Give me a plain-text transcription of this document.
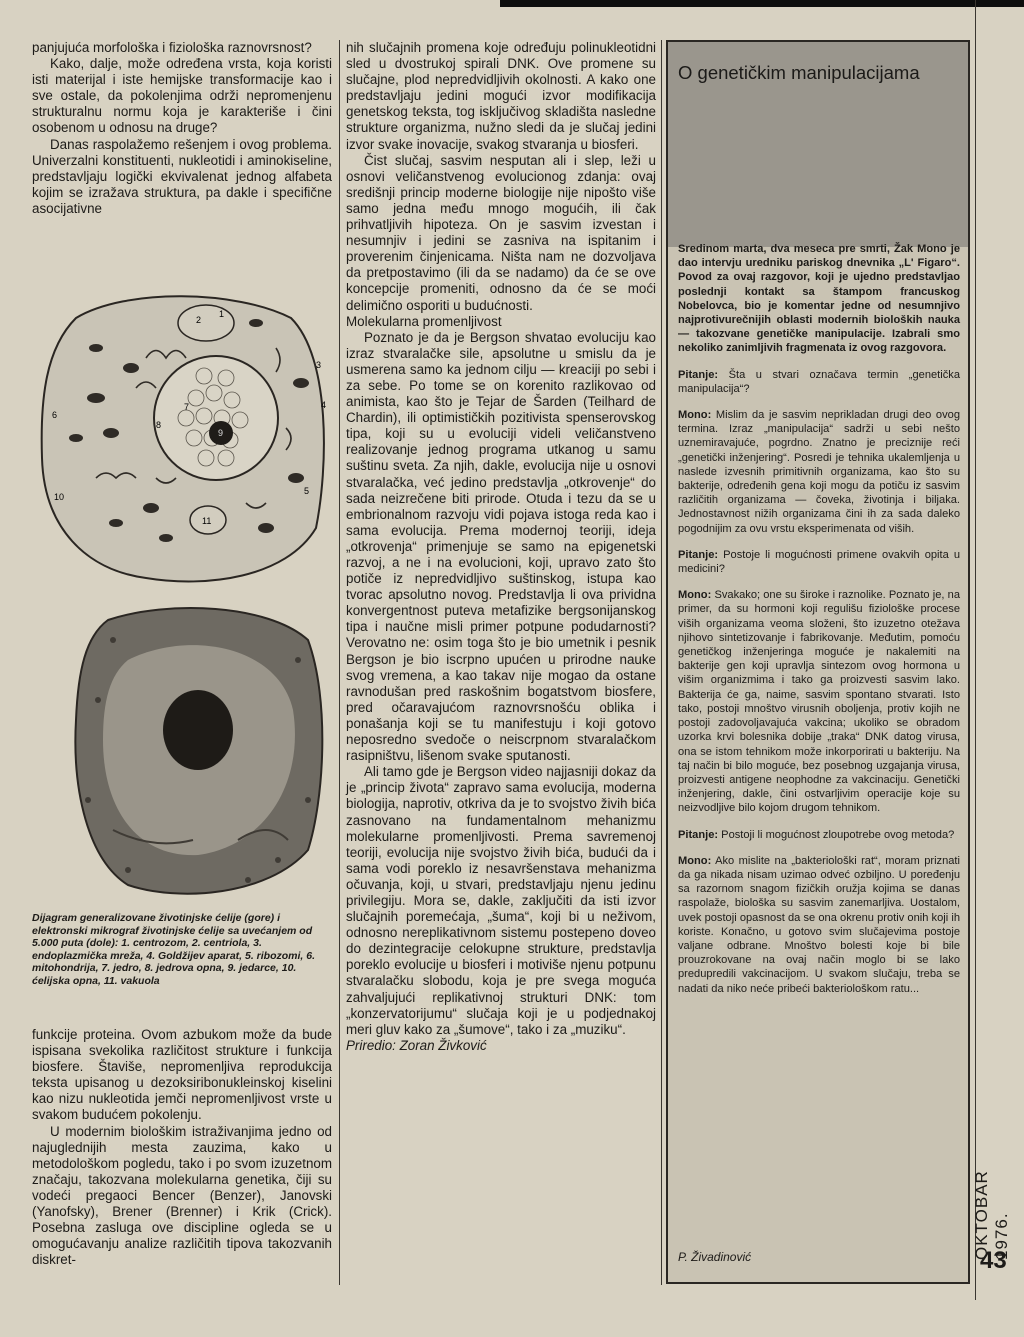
panjujuća morfološka i fiziološka raznovrsnost?

Kako, dalje, može određena vrsta, koja koristi isti materijal i iste hemijske transformacije kao i sve ostale, da pokolenjima održi nepromenjenu strukturalnu normu koja je karakteriše i čini osobenom u odnosu na druge?

Danas raspolažemo rešenjem i ovog problema. Univerzalni konstituenti, nukleotidi i aminokiseline, predstavljaju logički ekvivalenat jednog alfabeta kojim se izražava struktura, pa dakle i specifične asocijativne

1
2
3
4
5
6
7
8
9
10
11
Dijagram generalizovane životinjske ćelije (gore) i elektronski mikrograf životinjske ćelije sa uvećanjem od 5.000 puta (dole): 1. centrozom, 2. centriola, 3. endoplazmička mreža, 4. Goldžijev aparat, 5. ribozomi, 6. mitohondrija, 7. jedro, 8. jedrova opna, 9. jedarce, 10. ćelijska opna, 11. vakuola

funkcije proteina. Ovom azbukom može da bude ispisana svekolika različitost strukture i funkcija biosfere. Štaviše, nepromenljiva reprodukcija teksta upisanog u dezoksiribonukleinskoj kiselini kao nizu nukleotida jemči nepromenljivost vrste u svakom budućem pokolenju.

U modernim biološkim istraživanjima jedno od najuglednijih mesta zauzima, kako u metodološkom pogledu, tako i po svom izuzetnom značaju, takozvana molekularna genetika, čiji su vodeći pregaoci Bencer (Benzer), Janovski (Yanofsky), Brener (Brenner) i Krik (Crick). Posebna zasluga ove discipline ogleda se u omogućavanju analize različitih tipova takozvanih diskret-

nih slučajnih promena koje određuju polinukleotidni sled u dvostrukoj spirali DNK. Ove promene su slučajne, plod nepredvidljivih okolnosti. A kako one predstavljaju jedini mogući izvor modifikacija genetskog teksta, tog isključivog skladišta nasledne strukture organizma, nužno sledi da je slučaj jedini izvor svake inovacije, svakog stvaranja u biosferi.

Čist slučaj, sasvim nesputan ali i slep, leži u osnovi veličanstvenog evolucionog zdanja: ovaj središnji princip moderne biologije nije nipošto više samo jedna među mnogo mogućih, ili čak prihvatljivih hipoteza. On je sasvim izvestan i nesumnjiv i jedini se zasniva na ispitanim i proverenim činjenicama. Ništa nam ne dozvoljava da pretpostavimo (ili da se nadamo) da će se ove koncepcije promeniti, odnosno da će se moći delimično osporiti u budućnosti.

Molekularna promenljivost

Poznato je da je Bergson shvatao evoluciju kao izraz stvaralačke sile, apsolutne u smislu da je usmerena samo ka jednom cilju — kreaciji po sebi i za sebe. Po tome se on korenito razlikovao od animista, kao što je Tejar de Šarden (Teilhard de Chardin), ili optimističkih pozitivista spenserovskog tipa, koji su u evoluciji videli veličanstveno realizovanje jednog programa utkanog u samu suštinu sveta. Za njih, dakle, evolucija nije u osnovi stvaralačka, već jedino predstavlja „otkrovenje“ do sada neizrečene biti prirode. Otuda i tezu da se u embrionalnom razvoju vidi pojava istoga reda kao i sama evolucija. Prema modernoj teoriji, ideja „otkrovenja“ primenjuje se samo na epigenetski razvoj, a ne i na evolucioni, koji, upravo zato što potiče iz nepredvidljivo suštinskog, istupa kao tvorac apsolutno novog. Predstavlja li ova prividna konvergentnost puteva metafizike bergsonijanskog tipa i naučne misli primer potpune podudarnosti? Verovatno ne: osim toga što je bio umetnik i pesnik Bergson je bio iscrpno upućen u prirodne nauke svog vremena, a kao takav nije mogao da ostane ravnodušan pred raskošnim bogatstvom biosfere, pred očaravajućom raznovrsnošću oblika i ponašanja koji se tu manifestuju i koji gotovo neposredno svedoče o neiscrpnom stvaralačkom rasipništvu, lišenom svake sputanosti.

Ali tamo gde je Bergson video najjasniji dokaz da je „princip života“ zapravo sama evolucija, moderna biologija, naprotiv, otkriva da je to svojstvo živih bića zasnovano na fundamentalnom mehanizmu molekularne promenljivosti. Prema savremenoj teoriji, evolucija nije svojstvo živih bića, budući da i sama vodi poreklo iz nesavršenstava mehanizma očuvanja, koji, u stvari, predstavljaju njenu jedinu privilegiju. Mora se, dakle, zaključiti da isti izvor slučajnih poremećaja, „šuma“, koji bi u neživom, odnosno nereplikativnom sistemu postepeno doveo do dezintegracije celokupne strukture, predstavlja poreklo evolucije u biosferi i motiviše njenu potpunu stvaralačku slobodu, koja je pre svega moguća zahvaljujući replikativnoj strukturi DNK: tom „konzervatorijumu“ slučaja koji je u podjednakoj meri gluv kako za „šumove“, tako i za „muziku“.

Priredio: Zoran Živković

O genetičkim manipulacijama

Sredinom marta, dva meseca pre smrti, Žak Mono je dao intervju uredniku pariskog dnevnika „L' Figaro“. Povod za ovaj razgovor, koji je ujedno predstavljao poslednji kontakt sa štampom francuskog Nobelovca, bio je komentar jedne od nesumnjivo najprotivurečnijih oblasti modernih bioloških nauka — takozvane genetičke manipulacije. Izabrali smo nekoliko zanimljivih fragmenata iz ovog razgovora.

Pitanje: Šta u stvari označava termin „genetička manipulacija“?

Mono: Mislim da je sasvim neprikladan drugi deo ovog termina. Izraz „manipulacija“ sadrži u sebi nešto uznemiravajuće, pogrdno. Znatno je preciznije reći „genetički inženjering“. Posredi je tehnika ukalemljenja u naslede izvesnih primitivnih organizama, kao što su bakterije, određenih gena koji mogu da potiču iz sasvim različitih organizama — čoveka, životinja i biljaka. Jednostavnost nižih organizama čini ih za sada daleko pogodnijim za ovu vrstu eksperimenata od viših.

Pitanje: Postoje li mogućnosti primene ovakvih opita u medicini?

Mono: Svakako; one su široke i raznolike. Poznato je, na primer, da su hormoni koji regulišu fiziološke procese viših organizama veoma složeni, što izuzetno otežava njihovo sintetizovanje i fabrikovanje. Međutim, pomoću genetičkog inženjeringa moguće je nakalemiti na bakterije gen koji upravlja sintezom ovog hormona u višim organizmima i tako ga proizvesti sasvim lako. Bakterija će ga, naime, sasvim spontano stvarati. Isto tako, postoji mnoštvo virusnih oboljenja, protiv kojih ne postoji zadovoljavajuća vakcina; ukoliko se obradom uzorka krvi bolesnika dobije „traka“ DNK datog virusa, ona se istom tehnikom može inkorporirati u bakteriju. Na taj način bi bilo moguće, bez posebnog uzgajanja virusa, proizvesti antigene neophodne za vakcinaciju. Genetički inženjering, dakle, čini ostvarljivim operacije koje su neizvodljive bilo kojom drugom tehnikom.

Pitanje: Postoji li mogućnost zloupotrebe ovog metoda?

Mono: Ako mislite na „bakteriološki rat“, moram priznati da ga nikada nisam uzimao odveć ozbiljno. U poređenju sa razornom snagom fizičkih oružja kojima se danas raspolaže, biološka su sasvim zanemarljiva. Uostalom, uvek postoji opasnost da se ona okrenu protiv onih koji ih koriste. Konačno, u gotovo svim slučajevima postoje valjane odbrane. Mnoštvo bolesti koje bi bile prouzrokovane na ovaj način moglo bi se lako predupredili vakcinacijom. U svakom slučaju, treba se nadati da niko neće pribeći bakteriološkom ratu...

P. Živadinović	OKTOBAR 1976.
43
